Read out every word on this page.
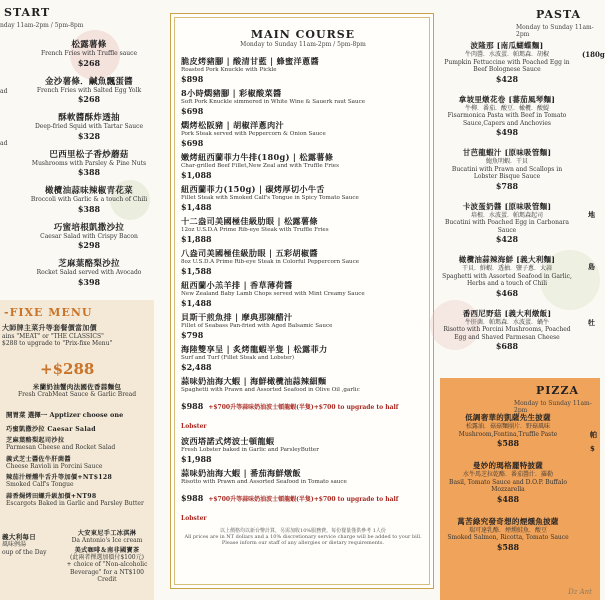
START
nday 11am-2pm / 5pm-8pm
ad
ad
松露薯條
French Fries with Truffle sauce
$268
金沙薯條．鹹魚飄蛋醬
French Fries with Salted Egg Yolk
$268
酥軟醬酥炸透抽
Deep-fried Squid with Tartar Sauce
$328
巴西里松子香炒蘑菇
Mushrooms with Parsley & Pine Nuts
$388
橄欖油蒜味辣椒青花菜
Broccoli with Garlic & a touch of Chili
$388
巧蜜培根凱撒沙拉
Caesar Salad with Crispy Bacon
$298
芝麻葉酪梨沙拉
Rocket Salad served with Avocado
$398
-FIXE MENU
大師牌主菜升等套餐價當加價
ains "MEAT" or "THE CLASSICS"
$288 to upgrade to "Prix-fixe Menu"
+$288
米蘭奶油蟹肉法國佐香蒜麵包
Fresh CrabMeat Sauce & Garlic Bread
開胃菜 選擇一 Apptizer choose one
巧蜜凱撒沙拉 Caesar Salad
芝麻葉酪梨起司沙拉
Parmesan Cheese and Rocket Salad
義式芝士醬佐牛肝菌醬
Cheese Ravioli in Porcini Sauce
辣茄汁煙燻牛舌升等加價+NT$128
Smoked Calf's Tongue
蒜香焗烤田螺升級加價+NT98
Escargots Baked in Garlic and Parsley Butter
義大利每日
風味例湯
oup of the Day
大安東尼手工冰淇淋
Da Antonio's Ice cream
美式咖啡＆南非國寶茶
(此兩者擇選加價付$100元)
+ choice of "Non-alcoholic
Beverage" for a NT$100 Credit
MAIN COURSE
Monday to Sunday 11am-2pm / 5pm-8pm
脆皮烤豬腳 | 酸清甘藍 | 蜂蜜洋蔥醬
Roasted Pork Knuckle with Pickle
$898
8小時燜豬腳 | 彩椒酸菜醬
Soft Pork Knuckle simmered in White Wine & Sauerk raut Sauce
$698
燜烤松阪豬 | 胡椒洋蔥肉汁
Pork Steak served with Peppercorn & Onion Sauce
$698
嫩烤紐西蘭菲力牛排(180g) | 松露薯條
Char-grilled Beef Fillet,New Zeal and with Truffle Fries
$1,088
紐西蘭菲力(150g) | 碳烤厚切小牛舌
Fillet Steak with Smoked Calf's Tongue in Spicy Tomato Sauce
$1,488
十二盎司美國極佳級肋眼 | 松露薯條
12oz U.S.D.A Prime Rib-eye Steak with Truffle Fries
$1,888
八盎司美國極佳級肋眼 | 五彩胡椒醬
8oz U.S.D.A Prime Rib-eye Steak in Colorful Peppercorn Sauce
$1,588
紐西蘭小羔羊排 | 香草薄荷醬
New Zealand Baby Lamb Chops served with Mint Creamy Sauce
$1,488
貝斯干煎魚排 | 摩典那陳醋汁
Fillet of Seabass Pan-fried with Aged Balsamic Sauce
$798
海陸雙享呈 | 炙烤龍蝦半隻 | 松露菲力
Surf and Turf (Fillet Steak and Lobster)
$2,488
蒜味奶油海大蝦 | 海鮮橄欖油蒜辣細麵
Spaghetti with Prawn and Assorted Seafood in Olive Oil ,garlic
$988 +$700升等蒜味奶油波士頓龍蝦(半隻)+$700 to upgrade to half Lobster
波西塔諾式烤波士頓龍蝦
Fresh Lobster baked in Garlic and ParsleyButter
$1,988
蒜味奶油海大蝦 | 番茄海鮮燉飯
Risotto with Prawn and Assorted Seafood in Tomato sauce
$988 +$700升等蒜味奶油波士頓龍蝦(半隻)+$700 to upgrade to half Lobster
以上價格均以新台幣計算，另需加收10%服務費。每份餐量僅供參考 1人份
All prices are in NT dollars and a 10% discretionary service charge will be added to your bill.
Please inform our staff of any allergies or dietary requirements.
PASTA
Monday to Sunday 11am-2pm
波隆那 [南瓜蝴蝶麵]
牛肉醬．水波蛋．帕瑪森．胡椒
Pumpkin Fettuccine with Poached Egg in Beef Bolognese Sauce
$428
拿坡里燉花卷 [蕃茄風琴麵]
牛柳．番茄．酸豆．橄欖．酸鯷
Fisarmonica Pasta with Beef in Tomato Sauce,Capers and Anchovies
$498
甘芭龍蝦汁 [原味吸管麵]
鮑魚明蝦．干貝
Bucatini with Prawn and Scallops in Lobster Bisque Sauce
$788
卡波蛋奶醬 [原味吸管麵]
培根．水波蛋．帕瑪森起司
Bucatini with Poached Egg in Carbonara Sauce
$428
橄欖油蒜辣海鮮 [義大利麵]
干貝．鮮蝦．透抽．鹽子蔥．大蒜
Spaghetti with Assorted Seafood in Garlic, Herbs and a touch of Chili
$468
番西尼野菇 [義大利燉飯]
牛肝菌．帕瑪森．水波蛋．蝸牛
Risotto with Porcini Mushrooms, Poached Egg and Shaved Parmesan Cheese
$688
(180g
地
島
牡
PIZZA
Monday to Sunday 11am-2pm
低調奢華的凱薩先生披薩
松露油．菇菇麵團片．野菇風味
Mushroom,Fontina,Truffle Paste
$588
曼妙的瑪格麗特披薩
水牛馬芝拉乾酪．番茄醬汁．羅勒
Basil, Tomato Sauce and D.O.P. Buffalo Mozzarella
$488
萬苦綠究發奇想的煙燻魚披薩
瑞可達乳酪．煙燻鮭魚．酸豆
Smoked Salmon, Ricotta, Tomato Sauce
$588
帕
$
Dz Ant
